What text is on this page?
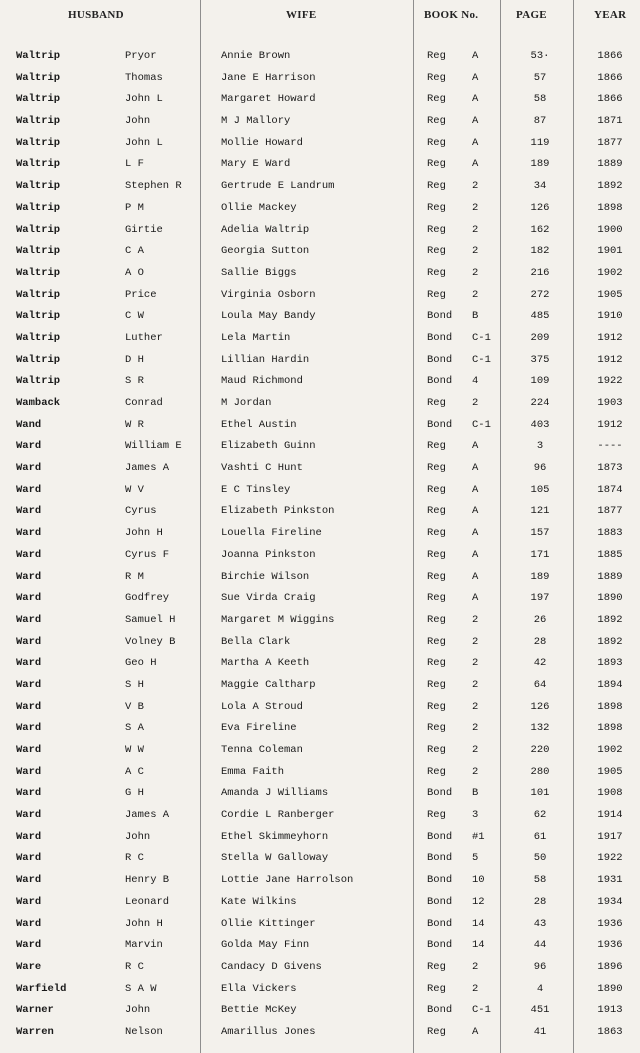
HUSBAND	WIFE	BOOK No.	PAGE	YEAR
Waltrip	Pryor	Annie Brown	Reg A	53·	1866
Waltrip	Thomas	Jane E Harrison	Reg A	57	1866
Waltrip	John L	Margaret Howard	Reg A	58	1866
Waltrip	John	M J Mallory	Reg A	87	1871
Waltrip	John L	Mollie Howard	Reg A	119	1877
Waltrip	L F	Mary E Ward	Reg A	189	1889
Waltrip	Stephen R	Gertrude E Landrum	Reg 2	34	1892
Waltrip	P M	Ollie Mackey	Reg 2	126	1898
Waltrip	Girtie	Adelia Waltrip	Reg 2	162	1900
Waltrip	C A	Georgia Sutton	Reg 2	182	1901
Waltrip	A O	Sallie Biggs	Reg 2	216	1902
Waltrip	Price	Virginia Osborn	Reg 2	272	1905
Waltrip	C W	Loula May Bandy	Bond B	485	1910
Waltrip	Luther	Lela Martin	Bond C-1	209	1912
Waltrip	D H	Lillian Hardin	Bond C-1	375	1912
Waltrip	S R	Maud Richmond	Bond 4	109	1922
Wamback	Conrad	M Jordan	Reg 2	224	1903
Wand	W R	Ethel Austin	Bond C-1	403	1912
Ward	William E	Elizabeth Guinn	Reg A	3	----
Ward	James A	Vashti C Hunt	Reg A	96	1873
Ward	W V	E C Tinsley	Reg A	105	1874
Ward	Cyrus	Elizabeth Pinkston	Reg A	121	1877
Ward	John H	Louella Fireline	Reg A	157	1883
Ward	Cyrus F	Joanna Pinkston	Reg A	171	1885
Ward	R M	Birchie Wilson	Reg A	189	1889
Ward	Godfrey	Sue Virda Craig	Reg A	197	1890
Ward	Samuel H	Margaret M Wiggins	Reg 2	26	1892
Ward	Volney B	Bella Clark	Reg 2	28	1892
Ward	Geo H	Martha A Keeth	Reg 2	42	1893
Ward	S H	Maggie Caltharp	Reg 2	64	1894
Ward	V B	Lola A Stroud	Reg 2	126	1898
Ward	S A	Eva Fireline	Reg 2	132	1898
Ward	W W	Tenna Coleman	Reg 2	220	1902
Ward	A C	Emma Faith	Reg 2	280	1905
Ward	G H	Amanda J Williams	Bond B	101	1908
Ward	James A	Cordie L Ranberger	Reg 3	62	1914
Ward	John	Ethel Skimmeyhorn	Bond #1	61	1917
Ward	R C	Stella W Galloway	Bond 5	50	1922
Ward	Henry B	Lottie Jane Harrolson	Bond 10	58	1931
Ward	Leonard	Kate Wilkins	Bond 12	28	1934
Ward	John H	Ollie Kittinger	Bond 14	43	1936
Ward	Marvin	Golda May Finn	Bond 14	44	1936
Ware	R C	Candacy D Givens	Reg 2	96	1896
Warfield	S A W	Ella Vickers	Reg 2	4	1890
Warner	John	Bettie McKey	Bond C-1	451	1913
Warren	Nelson	Amarillus Jones	Reg A	41	1863
